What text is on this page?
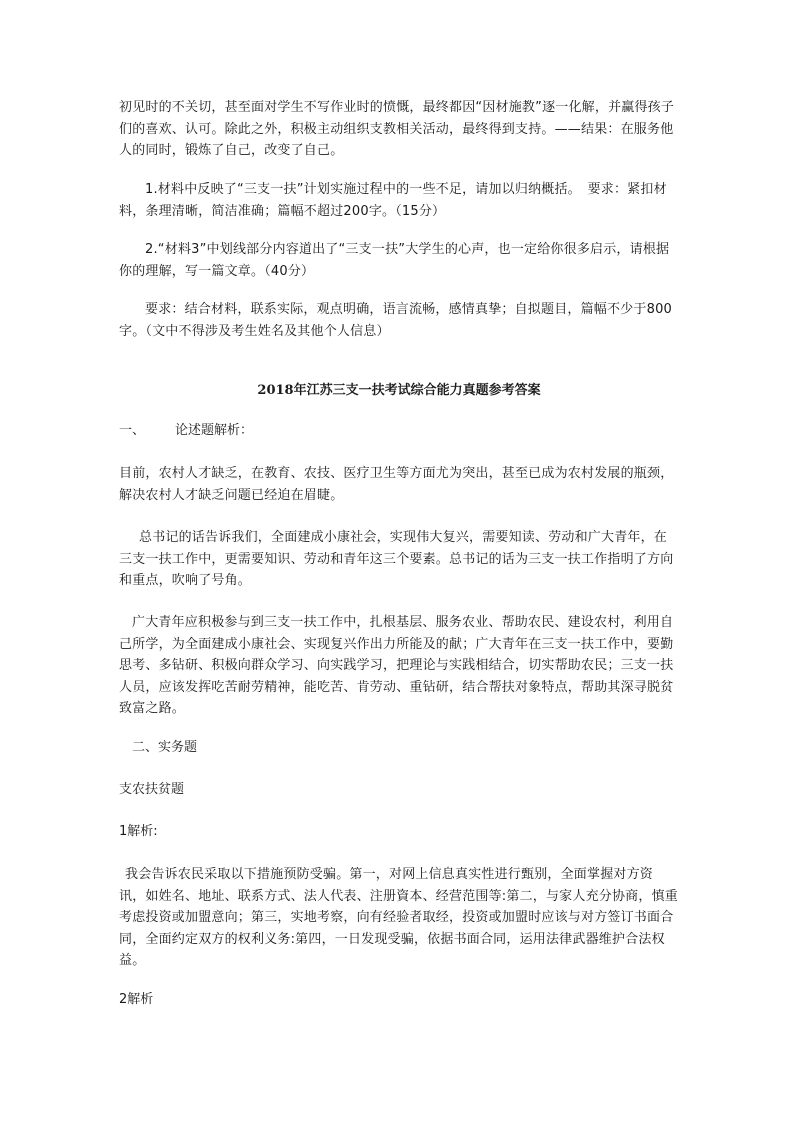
初见时的不关切，甚至面对学生不写作业时的愤慨，最终都因“因材施教”逐一化解，并赢得孩子们的喜欢、认可。除此之外，积极主动组织支教相关活动，最终得到支持。——结果：在服务他人的同时，锻炼了自己，改变了自己。

1.材料中反映了“三支一扶”计划实施过程中的一些不足，请加以归纳概括。　要求：紧扣材料，条理清晰，简洁准确；篇幅不超过200字。（15分）

2.“材料3”中划线部分内容道出了“三支一扶”大学生的心声，也一定给你很多启示，请根据你的理解，写一篇文章。（40分）

要求：结合材料，联系实际，观点明确，语言流畅，感情真挚；自拟题目，篇幅不少于800字。（文中不得涉及考生姓名及其他个人信息）

2018年江苏三支一扶考试综合能力真题参考答案

一、 论述题解析：

目前，农村人才缺乏，在教育、农技、医疗卫生等方面尤为突出，甚至已成为农村发展的瓶颈，解决农村人才缺乏问题已经迫在眉睫。

总书记的话告诉我们，全面建成小康社会，实现伟大复兴，需要知读、劳动和广大青年，在三支一扶工作中，更需要知识、劳动和青年这三个要素。总书记的话为三支一扶工作指明了方向和重点，吹响了号角。

广大青年应积极参与到三支一扶工作中，扎根基层、服务农业、帮助农民、建设农村，利用自己所学，为全面建成小康社会、实现复兴作出力所能及的献；广大青年在三支一扶工作中，要勤思考、多钻研、积极向群众学习、向实践学习，把理论与实践相结合，切实帮助农民；三支一扶人员，应该发挥吃苦耐劳精神，能吃苦、肯劳动、重钻研，结合帮扶对象特点，帮助其深寻脱贫致富之路。

二、实务题

支农扶贫题

1解析:

我会告诉农民采取以下措施预防受骗。第一，对网上信息真实性进行甄别，全面掌握对方资讯，如姓名、地址、联系方式、法人代表、注册資本、经营范围等:第二，与家人充分协商，慎重考虑投资或加盟意向；第三，实地考察，向有经验者取经，投资或加盟时应该与对方签订书面合同，全面约定双方的权利义务:第四，一日发现受骗，依据书面合同，运用法律武器维护合法权益。

2解析
